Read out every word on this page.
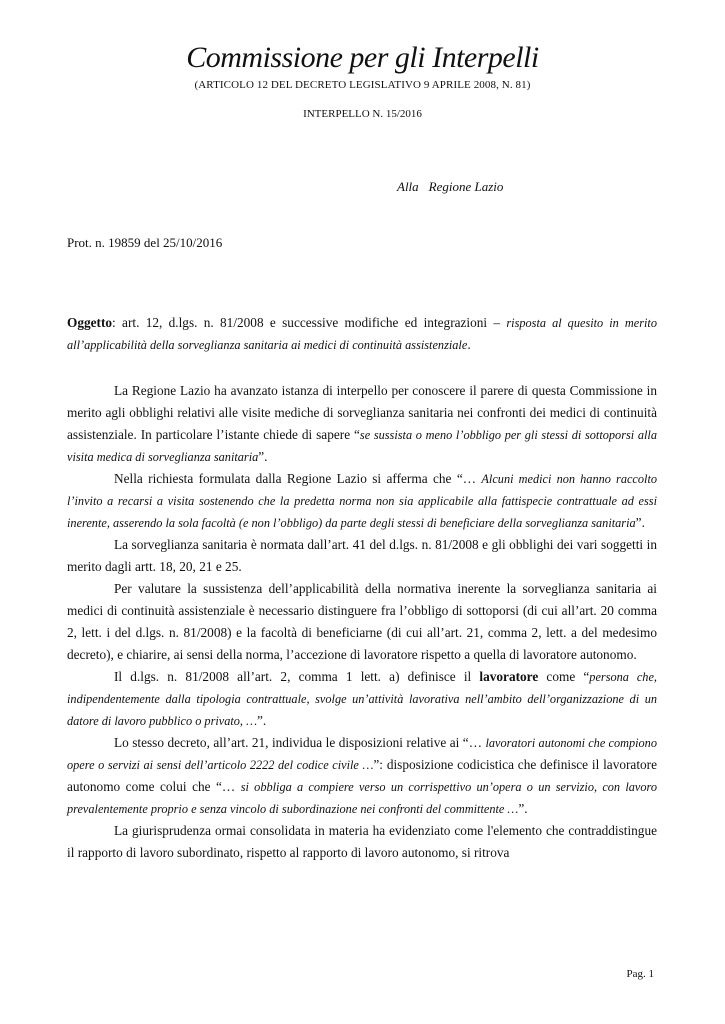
Commissione per gli Interpelli
(ARTICOLO 12 DEL DECRETO LEGISLATIVO 9 APRILE 2008, N. 81)
INTERPELLO N. 15/2016
Alla Regione Lazio
Prot. n. 19859 del 25/10/2016

Oggetto: art. 12, d.lgs. n. 81/2008 e successive modifiche ed integrazioni – risposta al quesito in merito all’applicabilità della sorveglianza sanitaria ai medici di continuità assistenziale.

La Regione Lazio ha avanzato istanza di interpello per conoscere il parere di questa Commissione in merito agli obblighi relativi alle visite mediche di sorveglianza sanitaria nei confronti dei medici di continuità assistenziale. In particolare l’istante chiede di sapere “se sussista o meno l’obbligo per gli stessi di sottoporsi alla visita medica di sorveglianza sanitaria”.

Nella richiesta formulata dalla Regione Lazio si afferma che “… Alcuni medici non hanno raccolto l’invito a recarsi a visita sostenendo che la predetta norma non sia applicabile alla fattispecie contrattuale ad essi inerente, asserendo la sola facoltà (e non l’obbligo) da parte degli stessi di beneficiare della sorveglianza sanitaria”.

La sorveglianza sanitaria è normata dall’art. 41 del d.lgs. n. 81/2008 e gli obblighi dei vari soggetti in merito dagli artt. 18, 20, 21 e 25.

Per valutare la sussistenza dell’applicabilità della normativa inerente la sorveglianza sanitaria ai medici di continuità assistenziale è necessario distinguere fra l’obbligo di sottoporsi (di cui all’art. 20 comma 2, lett. i del d.lgs. n. 81/2008) e la facoltà di beneficiarne (di cui all’art. 21, comma 2, lett. a del medesimo decreto), e chiarire, ai sensi della norma, l’accezione di lavoratore rispetto a quella di lavoratore autonomo.

Il d.lgs. n. 81/2008 all’art. 2, comma 1 lett. a) definisce il lavoratore come “persona che, indipendentemente dalla tipologia contrattuale, svolge un’attività lavorativa nell’ambito dell’organizzazione di un datore di lavoro pubblico o privato, …”.

Lo stesso decreto, all’art. 21, individua le disposizioni relative ai “… lavoratori autonomi che compiono opere o servizi ai sensi dell’articolo 2222 del codice civile …”: disposizione codicistica che definisce il lavoratore autonomo come colui che “… si obbliga a compiere verso un corrispettivo un’opera o un servizio, con lavoro prevalentemente proprio e senza vincolo di subordinazione nei confronti del committente …”.

La giurisprudenza ormai consolidata in materia ha evidenziato come l'elemento che contraddistingue il rapporto di lavoro subordinato, rispetto al rapporto di lavoro autonomo, si ritrova

Pag. 1
